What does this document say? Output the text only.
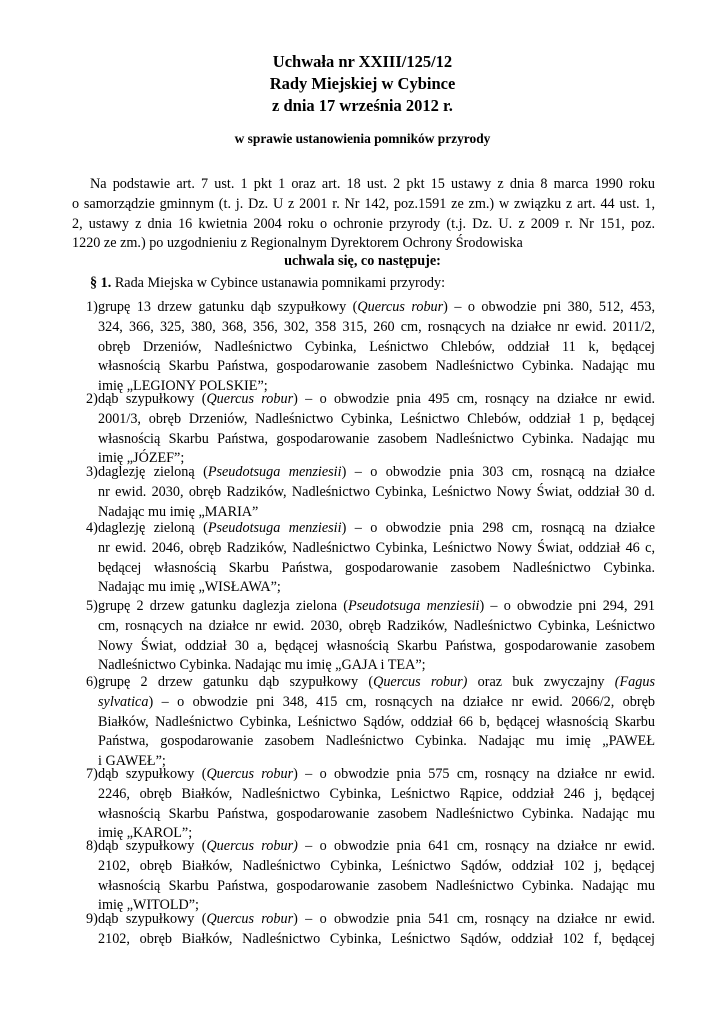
Uchwała nr XXIII/125/12
Rady Miejskiej w Cybince
z dnia 17 września 2012 r.
w sprawie ustanowienia pomników przyrody
Na podstawie art. 7 ust. 1 pkt 1 oraz art. 18 ust. 2 pkt 15 ustawy z dnia 8 marca 1990 roku
o samorządzie gminnym (t. j. Dz. U z 2001 r. Nr 142, poz.1591 ze zm.) w związku z art. 44 ust. 1,
2, ustawy z dnia 16 kwietnia 2004 roku o ochronie przyrody (t.j. Dz. U. z 2009 r. Nr 151, poz.
1220 ze zm.) po uzgodnieniu z Regionalnym Dyrektorem Ochrony Środowiska
uchwala się, co następuje:
§ 1. Rada Miejska w Cybince ustanawia pomnikami przyrody:
1) grupę 13 drzew gatunku dąb szypułkowy (Quercus robur) – o obwodzie pni 380, 512, 453,
324, 366, 325, 380, 368, 356, 302, 358 315, 260 cm, rosnących na działce nr ewid. 2011/2,
obręb Drzeniów, Nadleśnictwo Cybinka, Leśnictwo Chlebów, oddział 11 k, będącej
własnością Skarbu Państwa, gospodarowanie zasobem Nadleśnictwo Cybinka. Nadając mu
imię „LEGIONY POLSKIE”;
2) dąb szypułkowy (Quercus robur) – o obwodzie pnia 495 cm, rosnący na działce nr ewid.
2001/3, obręb Drzeniów, Nadleśnictwo Cybinka, Leśnictwo Chlebów, oddział 1 p, będącej
własnością Skarbu Państwa, gospodarowanie zasobem Nadleśnictwo Cybinka. Nadając mu
imię „JÓZEF”;
3) daglezję zieloną (Pseudotsuga menziesii) – o obwodzie pnia 303 cm, rosnącą na działce
nr ewid. 2030, obręb Radzików, Nadleśnictwo Cybinka, Leśnictwo Nowy Świat, oddział 30 d.
Nadając mu imię „MARIA”
4) daglezję zieloną (Pseudotsuga menziesii) – o obwodzie pnia 298 cm, rosnącą na działce
nr ewid. 2046, obręb Radzików, Nadleśnictwo Cybinka, Leśnictwo Nowy Świat, oddział 46 c,
będącej własnością Skarbu Państwa, gospodarowanie zasobem Nadleśnictwo Cybinka.
Nadając mu imię „WISŁAWA”;
5) grupę 2 drzew gatunku daglezja zielona (Pseudotsuga menziesii) – o obwodzie pni 294, 291
cm, rosnących na działce nr ewid. 2030, obręb Radzików, Nadleśnictwo Cybinka, Leśnictwo
Nowy Świat, oddział 30 a, będącej własnością Skarbu Państwa, gospodarowanie zasobem
Nadleśnictwo Cybinka. Nadając mu imię „GAJA i TEA”;
6) grupę 2 drzew gatunku dąb szypułkowy (Quercus robur) oraz buk zwyczajny (Fagus
sylvatica) – o obwodzie pni 348, 415 cm, rosnących na działce nr ewid. 2066/2, obręb
Białków, Nadleśnictwo Cybinka, Leśnictwo Sądów, oddział 66 b, będącej własnością Skarbu
Państwa, gospodarowanie zasobem Nadleśnictwo Cybinka. Nadając mu imię „PAWEŁ
i GAWEŁ”;
7) dąb szypułkowy (Quercus robur) – o obwodzie pnia 575 cm, rosnący na działce nr ewid.
2246, obręb Białków, Nadleśnictwo Cybinka, Leśnictwo Rąpice, oddział 246 j, będącej
własnością Skarbu Państwa, gospodarowanie zasobem Nadleśnictwo Cybinka. Nadając mu
imię „KAROL”;
8) dąb szypułkowy (Quercus robur) – o obwodzie pnia 641 cm, rosnący na działce nr ewid.
2102, obręb Białków, Nadleśnictwo Cybinka, Leśnictwo Sądów, oddział 102 j, będącej
własnością Skarbu Państwa, gospodarowanie zasobem Nadleśnictwo Cybinka. Nadając mu
imię „WITOLD”;
9) dąb szypułkowy (Quercus robur) – o obwodzie pnia 541 cm, rosnący na działce nr ewid.
2102, obręb Białków, Nadleśnictwo Cybinka, Leśnictwo Sądów, oddział 102 f, będącej
